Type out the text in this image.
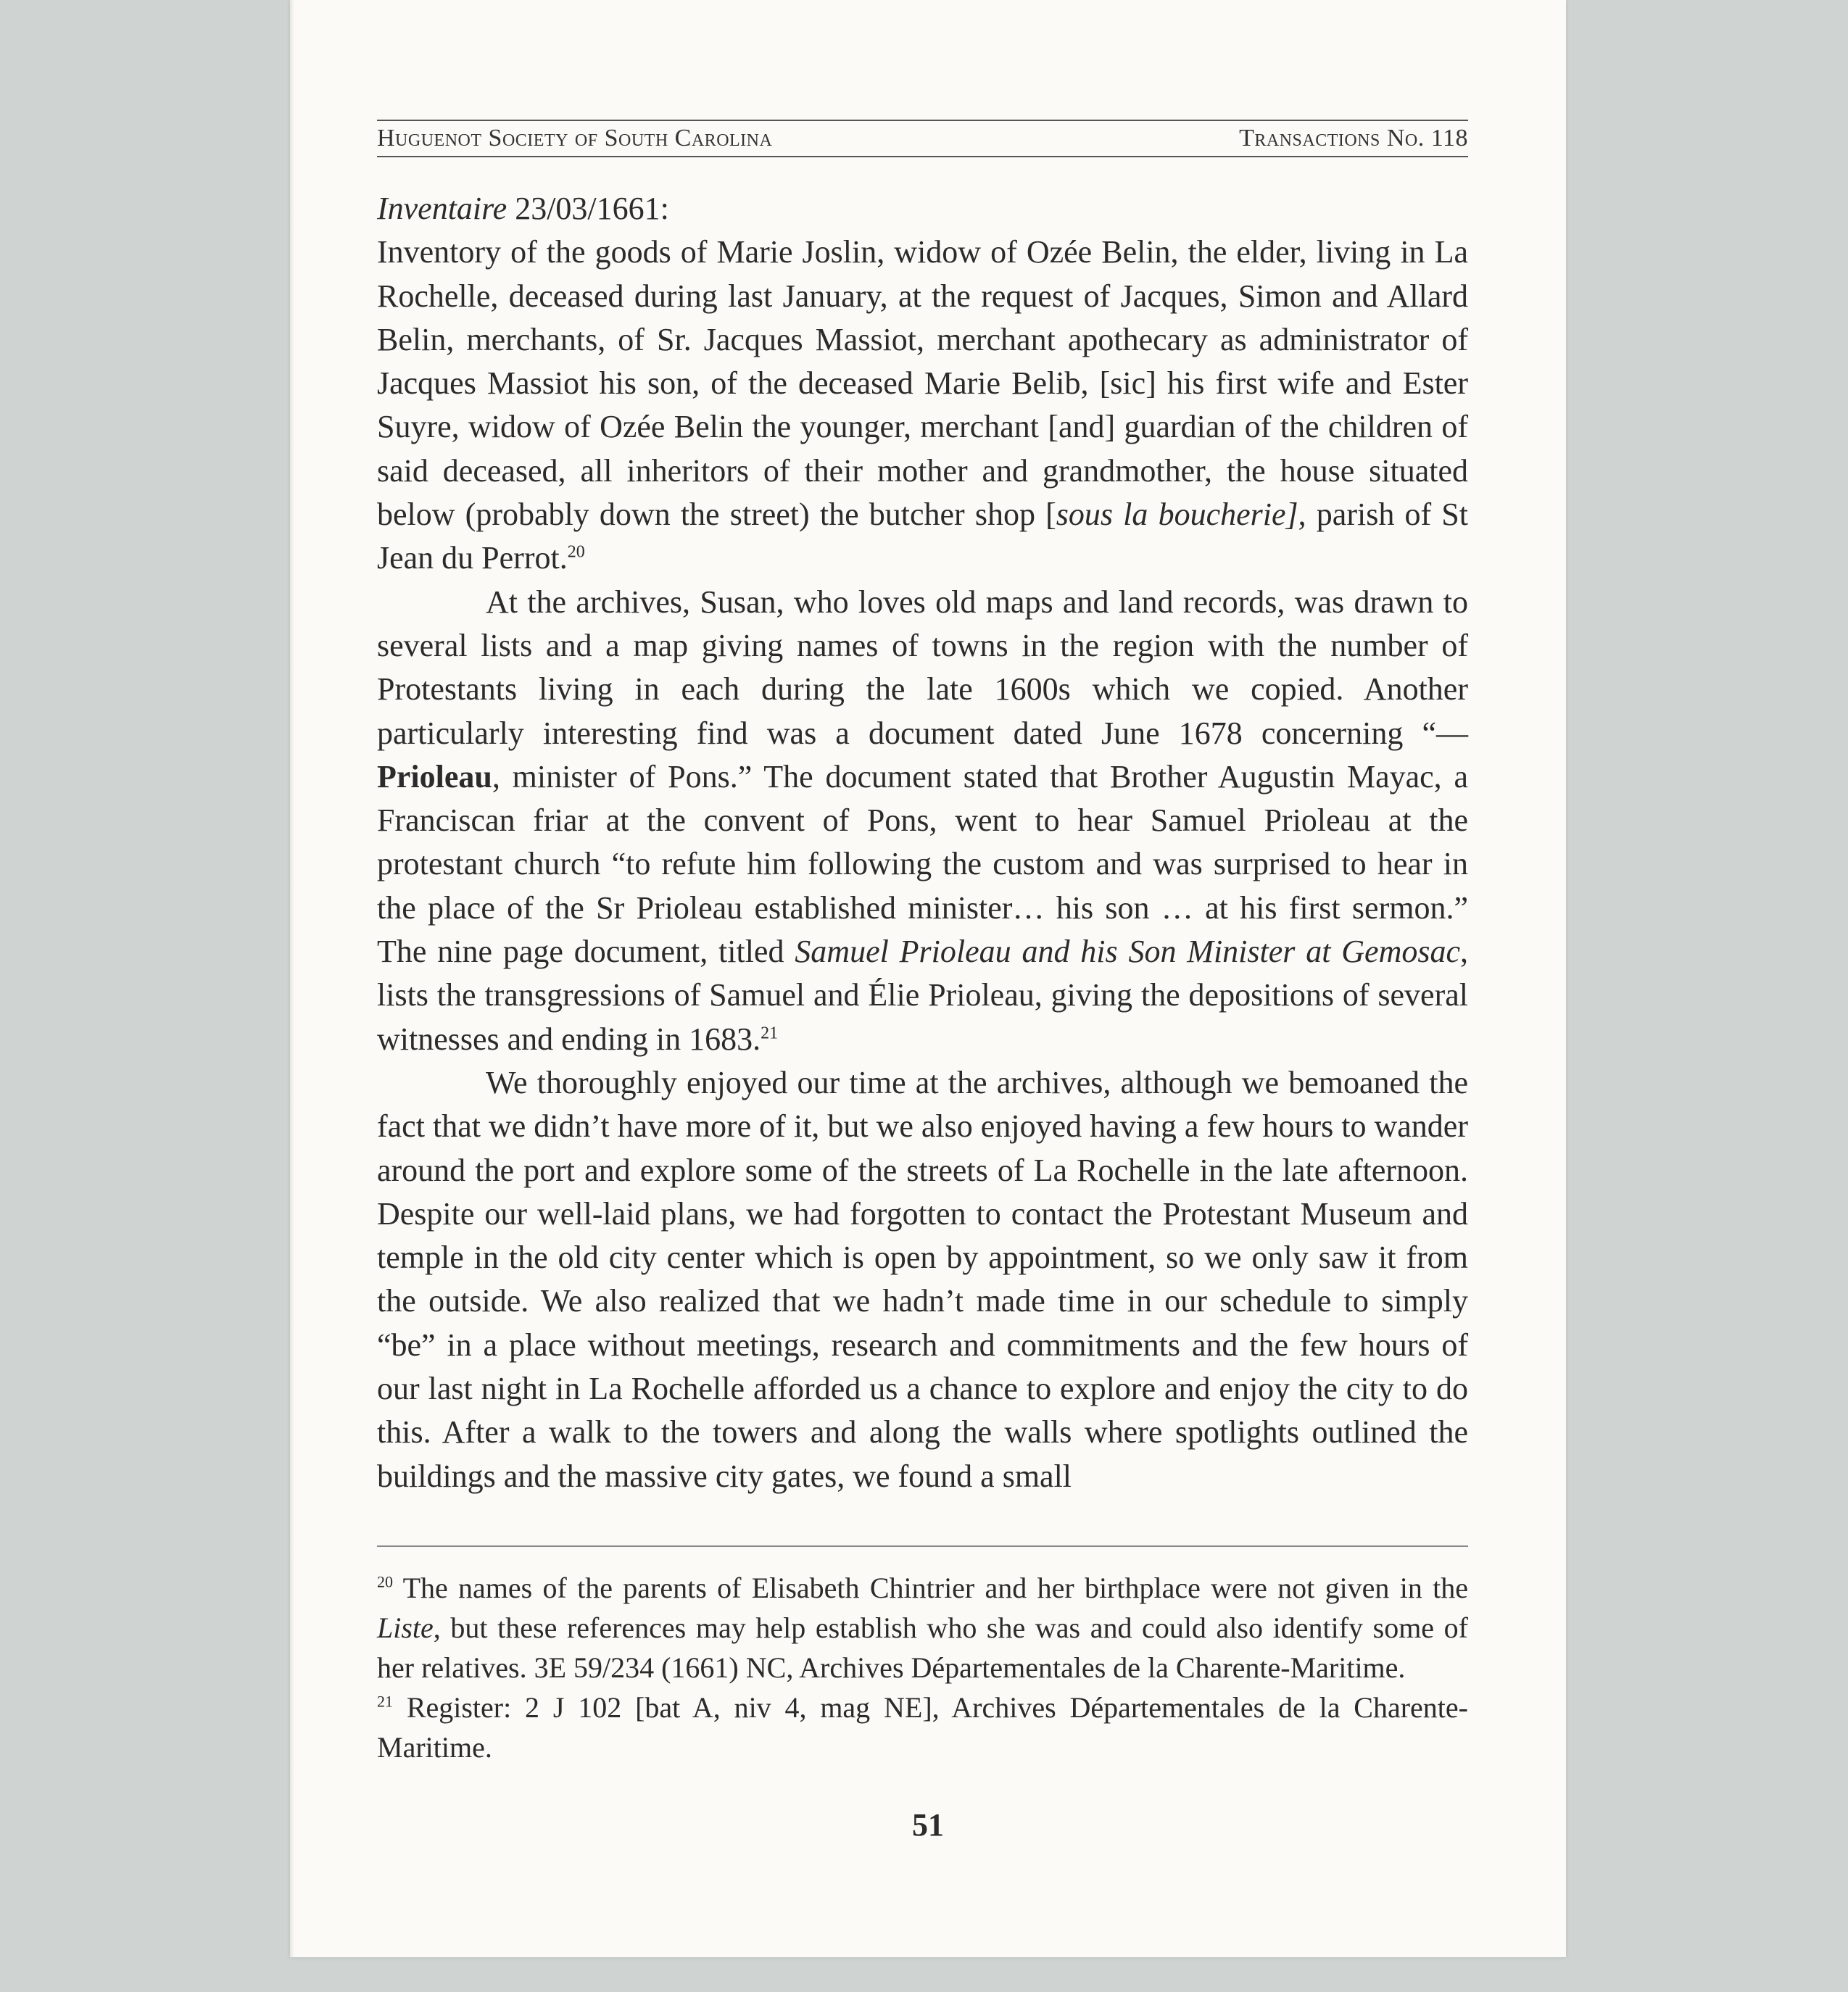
Huguenot Society of South Carolina	Transactions No. 118

Inventaire 23/03/1661:

Inventory of the goods of Marie Joslin, widow of Ozée Belin, the elder, living in La Rochelle, deceased during last January, at the request of Jacques, Simon and Allard Belin, merchants, of Sr. Jacques Massiot, merchant apothecary as administrator of Jacques Massiot his son, of the deceased Marie Belib, [sic] his first wife and Ester Suyre, widow of Ozée Belin the younger, merchant [and] guardian of the children of said deceased, all inheritors of their mother and grandmother, the house situated below (probably down the street) the butcher shop [sous la boucherie], parish of St Jean du Perrot.$^{20}$

At the archives, Susan, who loves old maps and land records, was drawn to several lists and a map giving names of towns in the region with the number of Protestants living in each during the late 1600s which we copied. Another particularly interesting find was a document dated June 1678 concerning “— Prioleau, minister of Pons.” The document stated that Brother Augustin Mayac, a Franciscan friar at the convent of Pons, went to hear Samuel Prioleau at the protestant church “to refute him following the custom and was surprised to hear in the place of the Sr Prioleau established minister… his son … at his first sermon.” The nine page document, titled Samuel Prioleau and his Son Minister at Gemosac, lists the transgressions of Samuel and Élie Prioleau, giving the depositions of several witnesses and ending in 1683.21

We thoroughly enjoyed our time at the archives, although we bemoaned the fact that we didn’t have more of it, but we also enjoyed having a few hours to wander around the port and explore some of the streets of La Rochelle in the late afternoon. Despite our well-laid plans, we had forgotten to contact the Protestant Museum and temple in the old city center which is open by appointment, so we only saw it from the outside. We also realized that we hadn’t made time in our schedule to simply “be” in a place without meetings, research and commitments and the few hours of our last night in La Rochelle afforded us a chance to explore and enjoy the city to do this. After a walk to the towers and along the walls where spotlights outlined the buildings and the massive city gates, we found a small

$^{20}$ The names of the parents of Elisabeth Chintrier and her birthplace were not given in the Liste, but these references may help establish who she was and could also identify some of her relatives. 3E 59/234 (1661) NC, Archives Départementales de la Charente-Maritime.

$^{21}$ Register: 2 J 102 [bat A, niv 4, mag NE], Archives Départementales de la Charente-Maritime.

51
